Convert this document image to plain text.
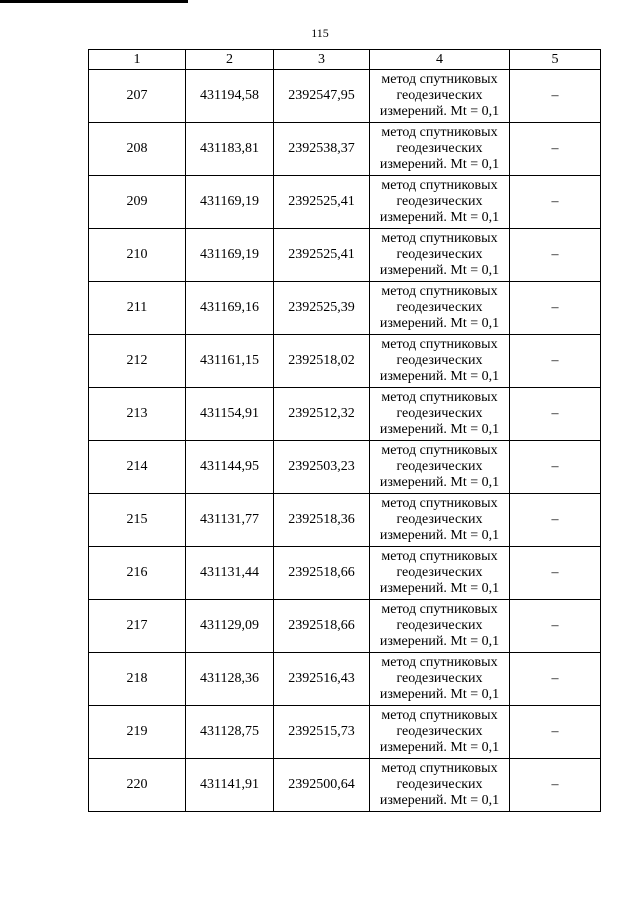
115
1	2	3	4	5
207	431194,58	2392547,95	метод спутниковых
геодезических
измерений. Mt = 0,1	–
208	431183,81	2392538,37	метод спутниковых
геодезических
измерений. Mt = 0,1	–
209	431169,19	2392525,41	метод спутниковых
геодезических
измерений. Mt = 0,1	–
210	431169,19	2392525,41	метод спутниковых
геодезических
измерений. Mt = 0,1	–
211	431169,16	2392525,39	метод спутниковых
геодезических
измерений. Mt = 0,1	–
212	431161,15	2392518,02	метод спутниковых
геодезических
измерений. Mt = 0,1	–
213	431154,91	2392512,32	метод спутниковых
геодезических
измерений. Mt = 0,1	–
214	431144,95	2392503,23	метод спутниковых
геодезических
измерений. Mt = 0,1	–
215	431131,77	2392518,36	метод спутниковых
геодезических
измерений. Mt = 0,1	–
216	431131,44	2392518,66	метод спутниковых
геодезических
измерений. Mt = 0,1	–
217	431129,09	2392518,66	метод спутниковых
геодезических
измерений. Mt = 0,1	–
218	431128,36	2392516,43	метод спутниковых
геодезических
измерений. Mt = 0,1	–
219	431128,75	2392515,73	метод спутниковых
геодезических
измерений. Mt = 0,1	–
220	431141,91	2392500,64	метод спутниковых
геодезических
измерений. Mt = 0,1	–
